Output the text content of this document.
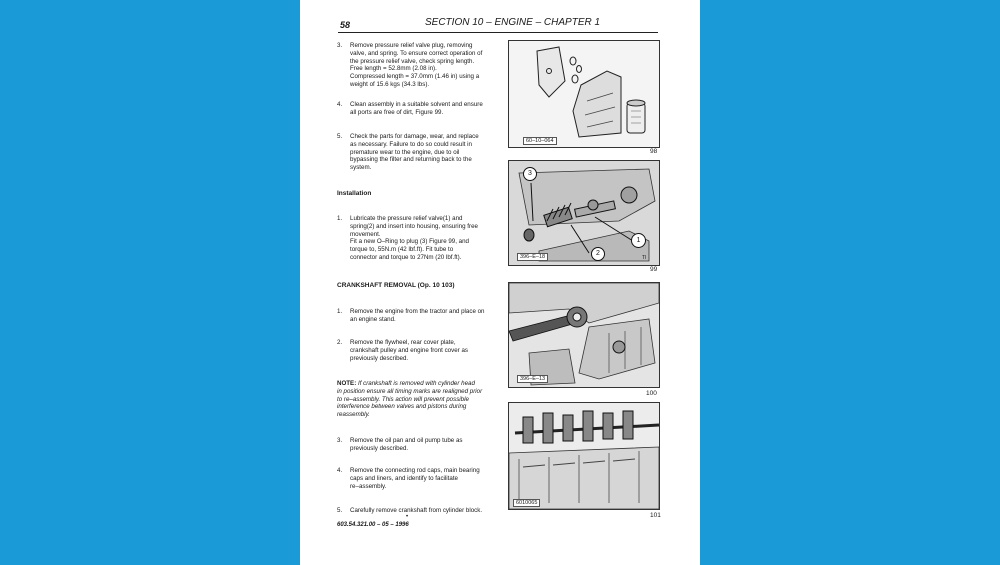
58	SECTION 10 – ENGINE – CHAPTER 1
3. Remove pressure relief valve plug, removing
valve, and spring. To ensure correct operation of
the pressure relief valve, check spring length.
Free length = 52.8mm (2.08 in).
Compressed length = 37.0mm (1.46 in) using a
weight of 15.6 kgs (34.3 lbs).
4. Clean assembly in a suitable solvent and ensure
all ports are free of dirt, Figure 99.
5. Check the parts for damage, wear, and replace
as necessary. Failure to do so could result in
premature wear to the engine, due to oil
bypassing the filter and returning back to the
system.
Installation
1. Lubricate the pressure relief valve(1) and
spring(2) and insert into housing, ensuring free
movement.
Fit a new O–Ring to plug (3) Figure 99, and
torque to, 55N.m (42 lbf.ft). Fit tube to
connector and torque to 27Nm (20 lbf.ft).
CRANKSHAFT REMOVAL (Op. 10 103)
1. Remove the engine from the tractor and place on
an engine stand.
2. Remove the flywheel, rear cover plate,
crankshaft pulley and engine front cover as
previously described.
NOTE: If crankshaft is removed with cylinder head
in position ensure all timing marks are realigned prior
to re–assembly. This action will prevent possible
interference between valves and pistons during
reassembly.
3. Remove the oil pan and oil pump tube as
previously described.
4. Remove the connecting rod caps, main bearing
caps and liners, and identify to facilitate
re–assembly.
5. Carefully remove crankshaft from cylinder block.
•
603.54.321.00 – 05 – 1996
60–10–064
98
3
1
2
396–E–18	TI
99
396–E–13
100
6010065
101
